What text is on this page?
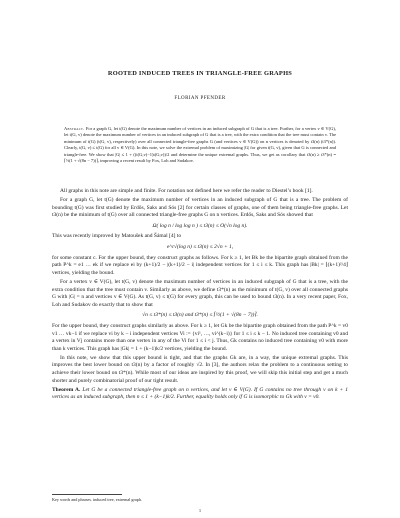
ROOTED INDUCED TREES IN TRIANGLE-FREE GRAPHS
FLORIAN PFENDER
Abstract. For a graph G, let t(G) denote the maximum number of vertices in an induced subgraph of G that is a tree. Further, for a vertex v ∈ V(G), let t(G, v) denote the maximum number of vertices in an induced subgraph of G that is a tree, with the extra condition that the tree must contain v. The minimum of t(G) (t(G, v), respectively) over all connected triangle-free graphs G (and vertices v ∈ V(G)) on n vertices is denoted by t3(n) (t3*(n)). Clearly, t(G, v) ≤ t(G) for all v ∈ V(G). In this note, we solve the extremal problem of maximizing |G| for given t(G, v), given that G is connected and triangle-free. We show that |G| ≤ 1 + ((t(G,v)−1)t(G,v))/2 and determine the unique extremal graphs. Thus, we get as corollary that t3(n) ≥ t3*(n) = ⌈½(1 + √(8n − 7))⌉, improving a recent result by Fox, Loh and Sudakov.

All graphs in this note are simple and finite. For notation not defined here we refer the reader to Diestel’s book [1].

For a graph G, let t(G) denote the maximum number of vertices in an induced subgraph of G that is a tree. The problem of bounding t(G) was first studied by Erdős, Saks and Sós [2] for certain classes of graphs, one of them being triangle-free graphs. Let t3(n) be the minimum of t(G) over all connected triangle-free graphs G on n vertices. Erdős, Saks and Sós showed that

Ω( log n / log log n ) ≤ t3(n) ≤ O(√n log n).

This was recently improved by Matoušek and Šámal [4] to

e^c√(log n) ≤ t3(n) ≤ 2√n + 1,

for some constant c. For the upper bound, they construct graphs as follows. For k ≥ 1, let Bk be the bipartite graph obtained from the path P^k = e1 … ek if we replace ei by (k+1)/2 − |(k+1)/2 − i| independent vertices for 1 ≤ i ≤ k. This graph has |Bk| = ⌊(k+1)²/4⌋ vertices, yielding the bound.

For a vertex v ∈ V(G), let t(G, v) denote the maximum number of vertices in an induced subgraph of G that is a tree, with the extra condition that the tree must contain v. Similarly as above, we define t3*(n) as the minimum of t(G, v) over all connected graphs G with |G| = n and vertices v ∈ V(G). As t(G, v) ≤ t(G) for every graph, this can be used to bound t3(n). In a very recent paper, Fox, Loh and Sudakov do exactly that to show that

√n ≤ t3*(n) ≤ t3(n) and t3*(n) ≤ ⌈½(1 + √(8n − 7))⌉.

For the upper bound, they construct graphs similarly as above. For k ≥ 1, let Gk be the bipartite graph obtained from the path P^k = v0 v1 … vk−1 if we replace vi by k − i independent vertices Vi := {vi¹, …, vi^(k−i)} for 1 ≤ i ≤ k − 1. No induced tree containing v0 and a vertex in Vj contains more than one vertex in any of the Vi for 1 ≤ i < j. Thus, Gk contains no induced tree containing v0 with more than k vertices. This graph has |Gk| = 1 + (k−1)k/2 vertices, yielding the bound.

In this note, we show that this upper bound is tight, and that the graphs Gk are, in a way, the unique extremal graphs. This improves the best lower bound on t3(n) by a factor of roughly √2. In [3], the authors relax the problem to a continuous setting to achieve their lower bound on t3*(n). While most of our ideas are inspired by this proof, we will skip this initial step and get a much shorter and purely combinatorial proof of our tight result.

Theorem A. Let G be a connected triangle-free graph on n vertices, and let v ∈ V(G). If G contains no tree through v on k + 1 vertices as an induced subgraph, then n ≤ 1 + (k−1)k/2. Further, equality holds only if G is isomorphic to Gk with v = v0.

Key words and phrases. induced tree, extremal graph.
1
